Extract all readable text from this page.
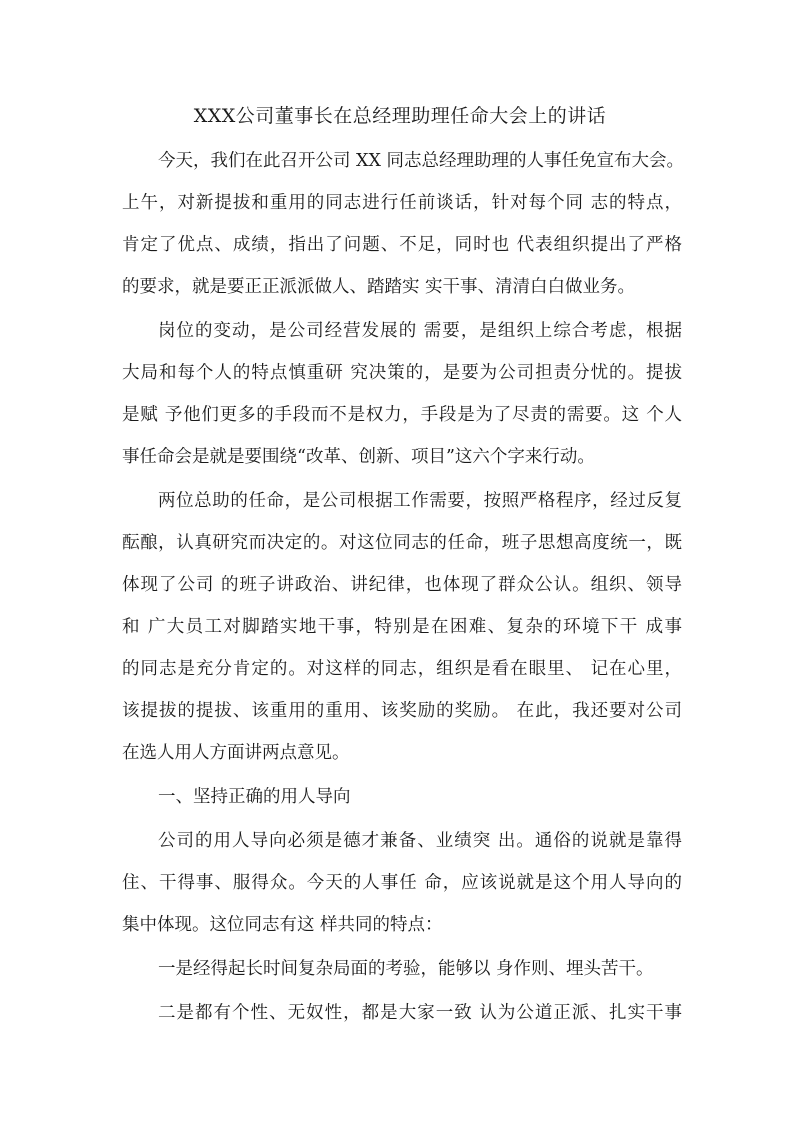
XXX公司董事长在总经理助理任命大会上的讲话
今天，我们在此召开公司 XX 同志总经理助理的人事任免宣布大会。
上午，对新提拔和重用的同志进行任前谈话，针对每个同 志的特点，
肯定了优点、成绩，指出了问题、不足，同时也 代表组织提出了严格
的要求，就是要正正派派做人、踏踏实 实干事、清清白白做业务。
岗位的变动，是公司经营发展的 需要，是组织上综合考虑，根据
大局和每个人的特点慎重研 究决策的，是要为公司担责分忧的。提拔
是赋 予他们更多的手段而不是权力，手段是为了尽责的需要。这 个人
事任命会是就是要围绕“改革、创新、项目”这六个字来行动。
两位总助的任命，是公司根据工作需要，按照严格程序，经过反复
酝酿，认真研究而决定的。对这位同志的任命，班子思想高度统一，既
体现了公司 的班子讲政治、讲纪律，也体现了群众公认。组织、领导
和 广大员工对脚踏实地干事，特别是在困难、复杂的环境下干 成事
的同志是充分肯定的。对这样的同志，组织是看在眼里、 记在心里，
该提拔的提拔、该重用的重用、该奖励的奖励。 在此，我还要对公司
在选人用人方面讲两点意见。
一、坚持正确的用人导向
公司的用人导向必须是德才兼备、业绩突 出。通俗的说就是靠得
住、干得事、服得众。今天的人事任 命，应该说就是这个用人导向的
集中体现。这位同志有这 样共同的特点：
一是经得起长时间复杂局面的考验，能够以 身作则、埋头苦干。
二是都有个性、无奴性，都是大家一致 认为公道正派、扎实干事
